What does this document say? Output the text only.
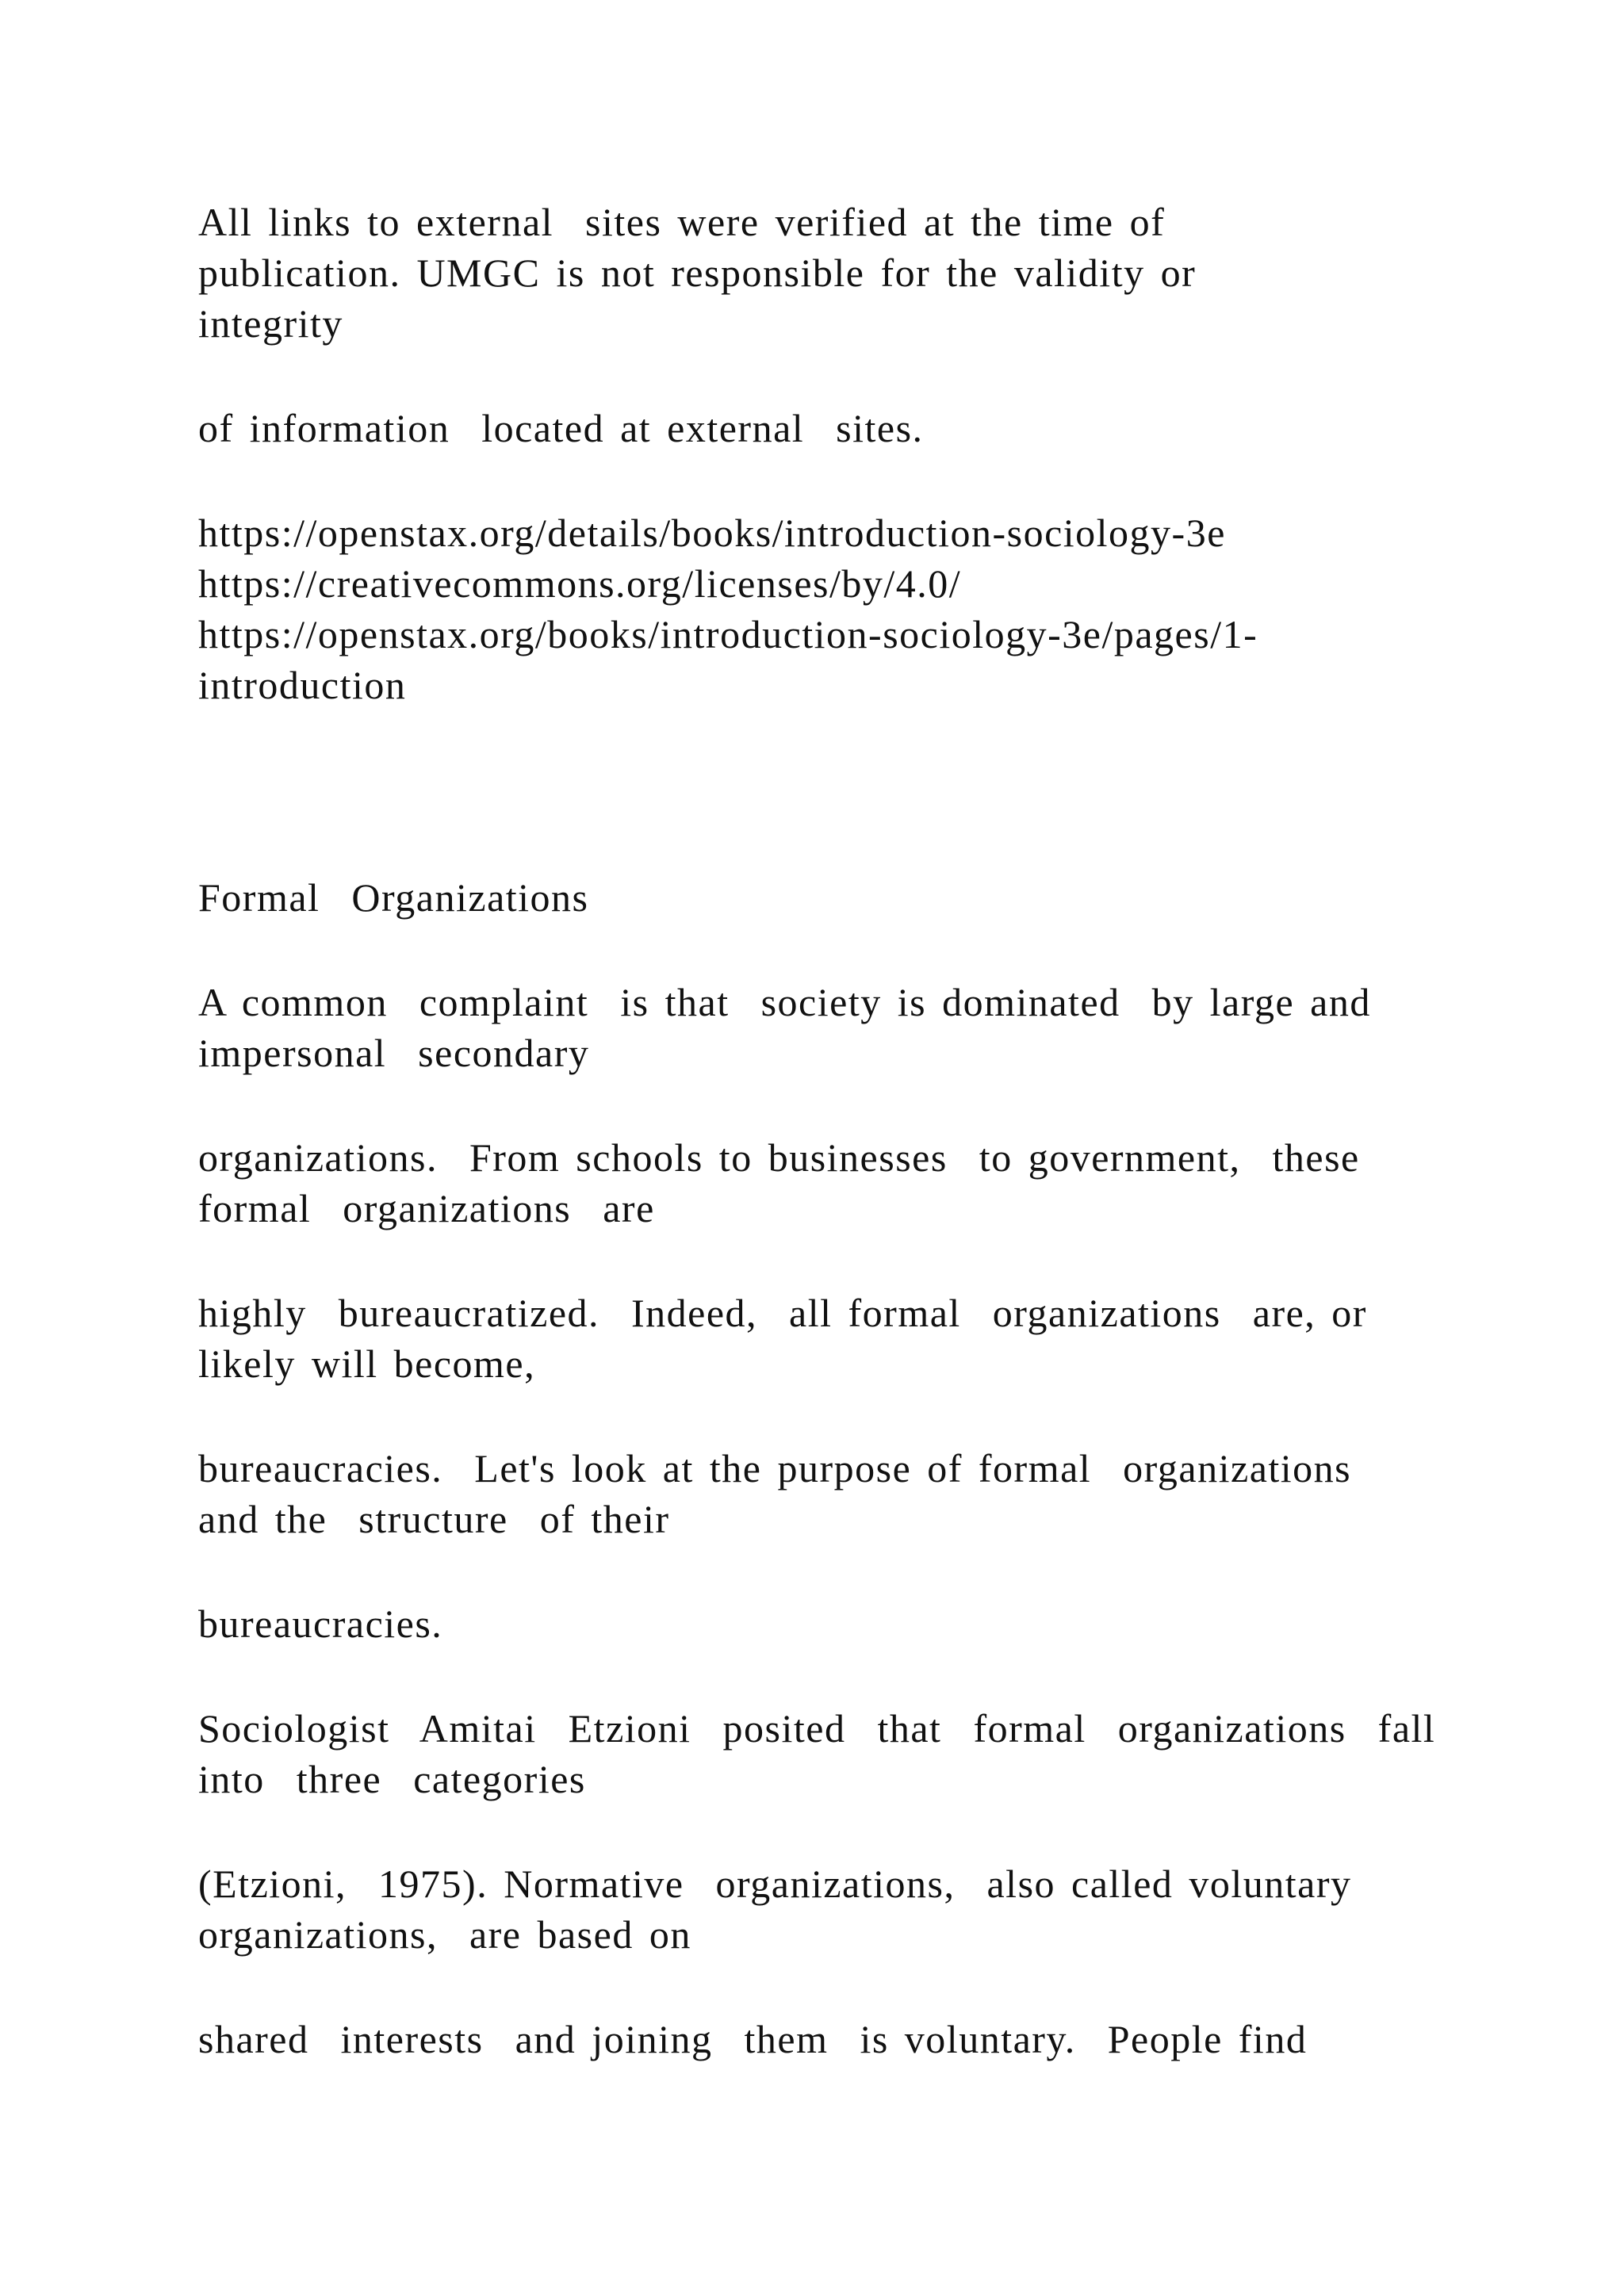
All links to external  sites were verified at the time of
publication. UMGC is not responsible for the validity or
integrity
of information  located at external  sites.
https://openstax.org/details/books/introduction-sociology-3e
https://creativecommons.org/licenses/by/4.0/
https://openstax.org/books/introduction-sociology-3e/pages/1-
introduction
Formal  Organizations
A common  complaint  is that  society is dominated  by large and
impersonal  secondary
organizations.  From schools to businesses  to government,  these
formal  organizations  are
highly  bureaucratized.  Indeed,  all formal  organizations  are, or
likely will become,
bureaucracies.  Let's look at the purpose of formal  organizations
and the  structure  of their
bureaucracies.
Sociologist  Amitai  Etzioni  posited  that  formal  organizations  fall
into  three  categories
(Etzioni,  1975). Normative  organizations,  also called voluntary
organizations,  are based on
shared  interests  and joining  them  is voluntary.  People find
